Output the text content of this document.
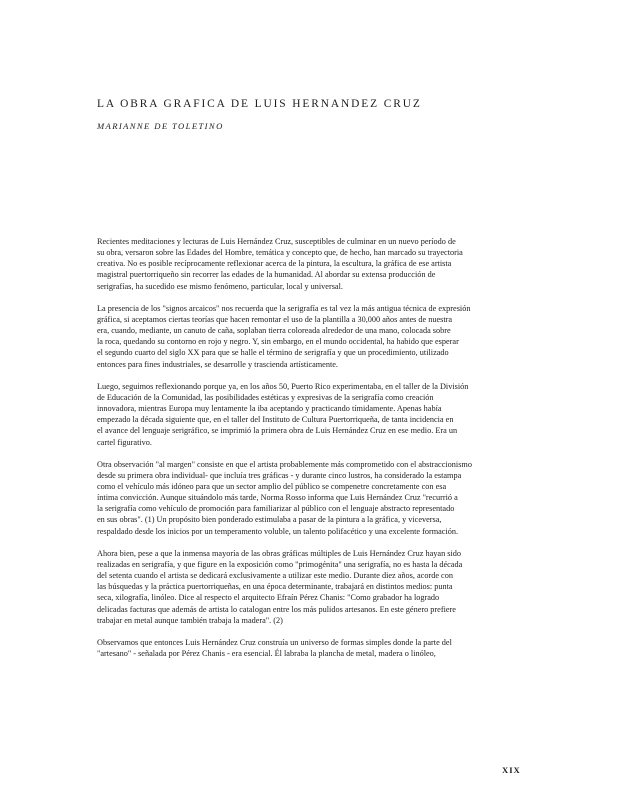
LA OBRA GRAFICA DE LUIS HERNANDEZ CRUZ
MARIANNE DE TOLETINO
Recientes meditaciones y lecturas de Luis Hernández Cruz, susceptibles de culminar en un nuevo período de
su obra, versaron sobre las Edades del Hombre, temática y concepto que, de hecho, han marcado su trayectoria
creativa. No es posible recíprocamente reflexionar acerca de la pintura, la escultura, la gráfica de ese artista
magistral puertorriqueño sin recorrer las edades de la humanidad. Al abordar su extensa producción de
serigrafías, ha sucedido ese mismo fenómeno, particular, local y universal.
La presencia de los "signos arcaicos" nos recuerda que la serigrafía es tal vez la más antigua técnica de expresión
gráfica, si aceptamos ciertas teorías que hacen remontar el uso de la plantilla a 30,000 años antes de nuestra
era, cuando, mediante, un canuto de caña, soplaban tierra coloreada alrededor de una mano, colocada sobre
la roca, quedando su contorno en rojo y negro. Y, sin embargo, en el mundo occidental, ha habido que esperar
el segundo cuarto del siglo XX para que se halle el término de serigrafía y que un procedimiento, utilizado
entonces para fines industriales, se desarrolle y trascienda artísticamente.
Luego, seguimos reflexionando porque ya, en los años 50, Puerto Rico experimentaba, en el taller de la División
de Educación de la Comunidad, las posibilidades estéticas y expresivas de la serigrafía como creación
innovadora, mientras Europa muy lentamente la iba aceptando y practicando tímidamente. Apenas había
empezado la década siguiente que, en el taller del Instituto de Cultura Puertorriqueña, de tanta incidencia en
el avance del lenguaje serigráfico, se imprimió la primera obra de Luis Hernández Cruz en ese medio. Era un
cartel figurativo.
Otra observación "al margen" consiste en que el artista probablemente más comprometido con el abstraccionismo
desde su primera obra individual- que incluía tres gráficas - y durante cinco lustros, ha considerado la estampa
como el vehículo más idóneo para que un sector amplio del público se compenetre concretamente con esa
íntima convicción. Aunque situándolo más tarde, Norma Rosso informa que Luis Hernández Cruz "recurrió a
la serigrafía como vehículo de promoción para familiarizar al público con el lenguaje abstracto representado
en sus obras". (1) Un propósito bien ponderado estimulaba a pasar de la pintura a la gráfica, y viceversa,
respaldado desde los inicios por un temperamento voluble, un talento polifacético y una excelente formación.
Ahora bien, pese a que la inmensa mayoría de las obras gráficas múltiples de Luis Hernández Cruz hayan sido
realizadas en serigrafía, y que figure en la exposición como "primogénita" una serigrafía, no es hasta la década
del setenta cuando el artista se dedicará exclusivamente a utilizar este medio. Durante diez años, acorde con
las búsquedas y la práctica puertorriqueñas, en una época determinante, trabajará en distintos medios: punta
seca, xilografía, linóleo. Dice al respecto el arquitecto Efraín Pérez Chanis: "Como grabador ha logrado
delicadas facturas que además de artista lo catalogan entre los más pulidos artesanos. En este género prefiere
trabajar en metal aunque también trabaja la madera". (2)
Observamos que entonces Luis Hernández Cruz construía un universo de formas simples donde la parte del
"artesano" - señalada por Pérez Chanis - era esencial. Él labraba la plancha de metal, madera o linóleo,
XIX
